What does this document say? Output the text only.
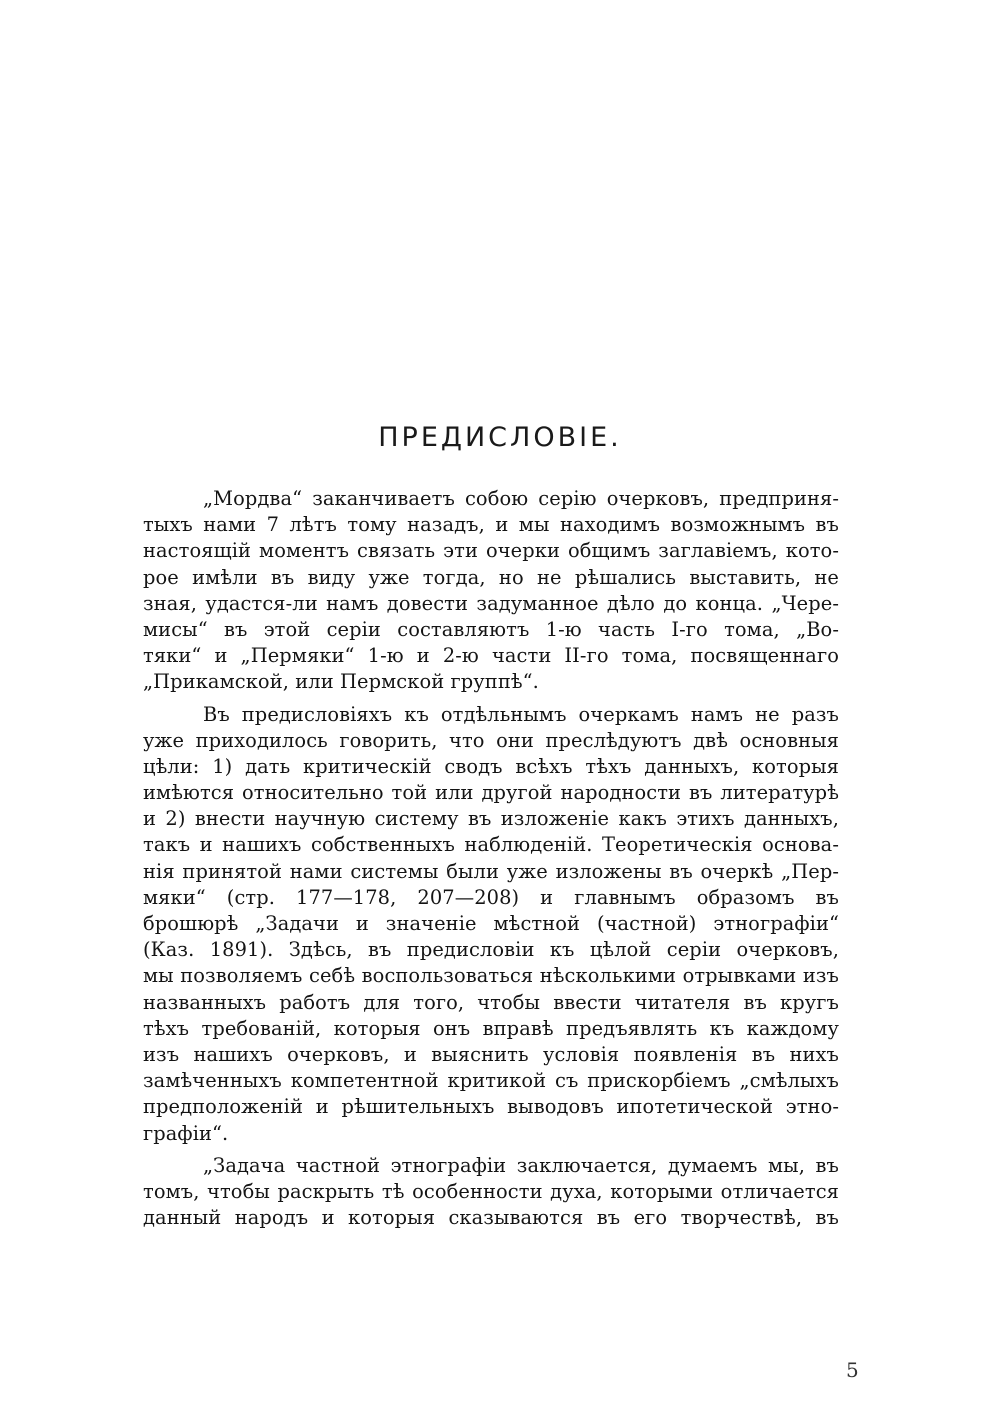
ПРЕДИСЛОВІЕ.
„Мордва“ заканчиваетъ собою серію очерковъ, предприня-
тыхъ нами 7 лѣтъ тому назадъ, и мы находимъ возможнымъ въ
настоящій моментъ связать эти очерки общимъ заглавіемъ, кото-
рое имѣли въ виду уже тогда, но не рѣшались выставить, не
зная, удастся-ли намъ довести задуманное дѣло до конца. „Чере-
мисы“ въ этой серіи составляютъ 1-ю часть I-го тома, „Во-
тяки“ и „Пермяки“ 1-ю и 2-ю части II-го тома, посвященнаго
„Прикамской, или Пермской группѣ“.
Въ предисловіяхъ къ отдѣльнымъ очеркамъ намъ не разъ
уже приходилось говорить, что они преслѣдуютъ двѣ основныя
цѣли: 1) дать критическій сводъ всѣхъ тѣхъ данныхъ, которыя
имѣются относительно той или другой народности въ литературѣ
и 2) внести научную систему въ изложеніе какъ этихъ данныхъ,
такъ и нашихъ собственныхъ наблюденій. Теоретическія основа-
нія принятой нами системы были уже изложены въ очеркѣ „Пер-
мяки“ (стр. 177—178, 207—208) и главнымъ образомъ въ
брошюрѣ „Задачи и значеніе мѣстной (частной) этнографіи“
(Каз. 1891). Здѣсь, въ предисловіи къ цѣлой серіи очерковъ,
мы позволяемъ себѣ воспользоваться нѣсколькими отрывками изъ
названныхъ работъ для того, чтобы ввести читателя въ кругъ
тѣхъ требованій, которыя онъ вправѣ предъявлять къ каждому
изъ нашихъ очерковъ, и выяснить условія появленія въ нихъ
замѣченныхъ компетентной критикой съ прискорбіемъ „смѣлыхъ
предположеній и рѣшительныхъ выводовъ ипотетической этно-
графіи“.
„Задача частной этнографіи заключается, думаемъ мы, въ
томъ, чтобы раскрыть тѣ особенности духа, которыми отличается
данный народъ и которыя сказываются въ его творчествѣ, въ
5
